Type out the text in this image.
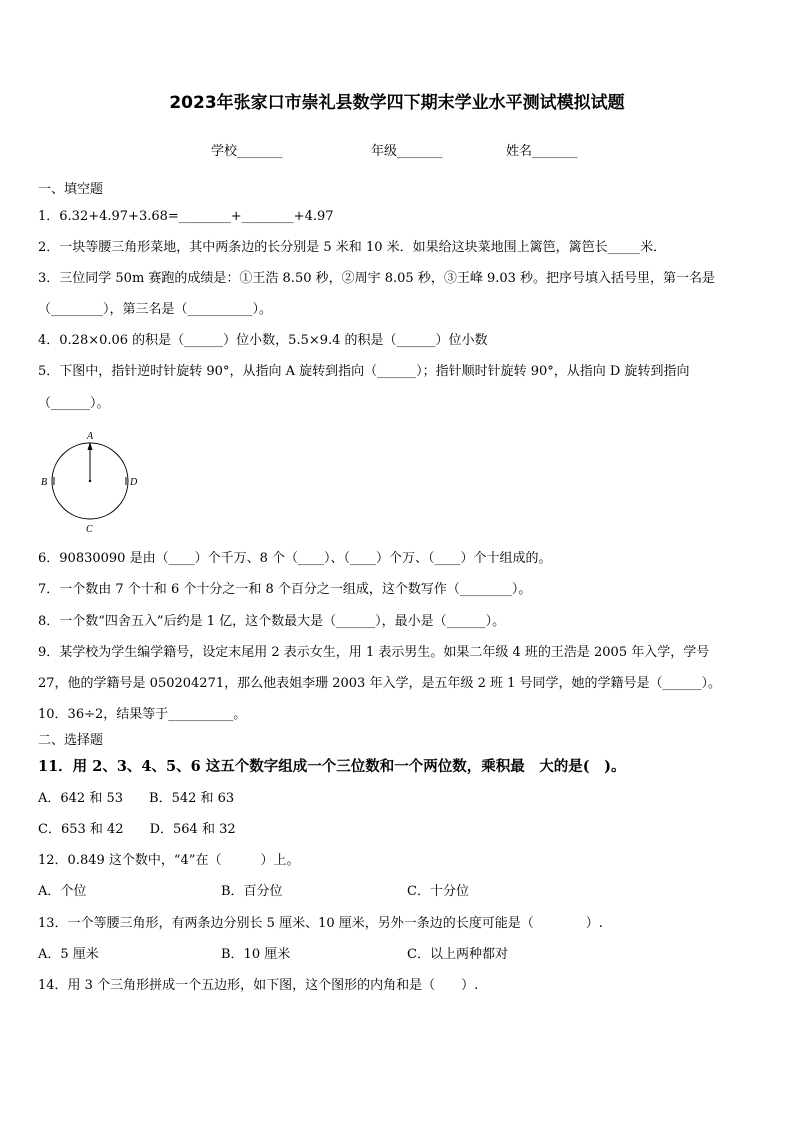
2023年张家口市崇礼县数学四下期末学业水平测试模拟试题
学校_______	年级_______	姓名_______
一、填空题
1．6.32+4.97+3.68=________+________+4.97
2．一块等腰三角形菜地，其中两条边的长分别是 5 米和 10 米．如果给这块菜地围上篱笆，篱笆长_____米．
3．三位同学 50m 赛跑的成绩是：①王浩 8.50 秒，②周宇 8.05 秒，③王峰 9.03 秒。把序号填入括号里，第一名是
（________），第三名是（__________）。
4．0.28×0.06 的积是（______）位小数，5.5×9.4 的积是（______）位小数
5．下图中，指针逆时针旋转 90°，从指向 A 旋转到指向（______）；指针顺时针旋转 90°，从指向 D 旋转到指向
（______）。
A
B	D
C
6．90830090 是由（____）个千万、8 个（____）、（____）个万、（____）个十组成的。
7．一个数由 7 个十和 6 个十分之一和 8 个百分之一组成，这个数写作（________）。
8．一个数“四舍五入”后约是 1 亿，这个数最大是（______），最小是（______）。
9．某学校为学生编学籍号，设定末尾用 2 表示女生，用 1 表示男生。如果二年级 4 班的王浩是 2005 年入学，学号
27，他的学籍号是 050204271，那么他表姐李珊 2003 年入学，是五年级 2 班 1 号同学，她的学籍号是（______）。
10．36÷2，结果等于__________。
二、选择题
11．用 2、3、4、5、6 这五个数字组成一个三位数和一个两位数，乘积最　大的是(　)。
A．642 和 53 B．542 和 63
C．653 和 42 D．564 和 32
12．0.849 这个数中，“4”在（　　　）上。
A．个位	B．百分位	C．十分位
13．一个等腰三角形，有两条边分别长 5 厘米、10 厘米，另外一条边的长度可能是（　　　　）.
A．5 厘米	B．10 厘米	C．以上两种都对
14．用 3 个三角形拼成一个五边形，如下图，这个图形的内角和是（　　）.
